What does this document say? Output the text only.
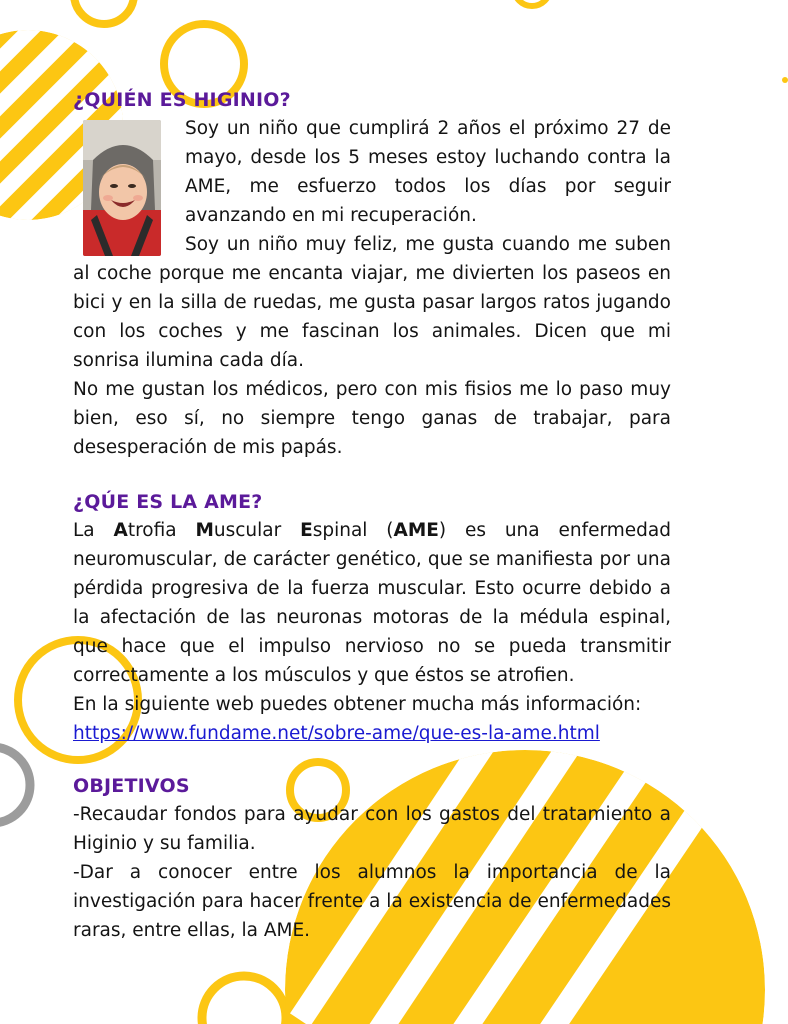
¿QUIÉN ES HIGINIO?

Soy un niño que cumplirá 2 años el próximo 27 de mayo, desde los 5 meses estoy luchando contra la AME, me esfuerzo todos los días por seguir avanzando en mi recuperación.

Soy un niño muy feliz, me gusta cuando me suben al coche porque me encanta viajar, me divierten los paseos en bici y en la silla de ruedas, me gusta pasar largos ratos jugando con los coches y me fascinan los animales. Dicen que mi sonrisa ilumina cada día.

No me gustan los médicos, pero con mis fisios me lo paso muy bien, eso sí, no siempre tengo ganas de trabajar, para desesperación de mis papás.

¿QÚE ES LA AME?

La Atrofia Muscular Espinal (AME) es una enfermedad neuromuscular, de carácter genético, que se manifiesta por una pérdida progresiva de la fuerza muscular. Esto ocurre debido a la afectación de las neuronas motoras de la médula espinal, que hace que el impulso nervioso no se pueda transmitir correctamente a los músculos y que éstos se atrofien.

En la siguiente web puedes obtener mucha más información:

https://www.fundame.net/sobre-ame/que-es-la-ame.html
OBJETIVOS

-Recaudar fondos para ayudar con los gastos del tratamiento a Higinio y su familia.

-Dar a conocer entre los alumnos la importancia de la investigación para hacer frente a la existencia de enfermedades raras, entre ellas, la AME.
